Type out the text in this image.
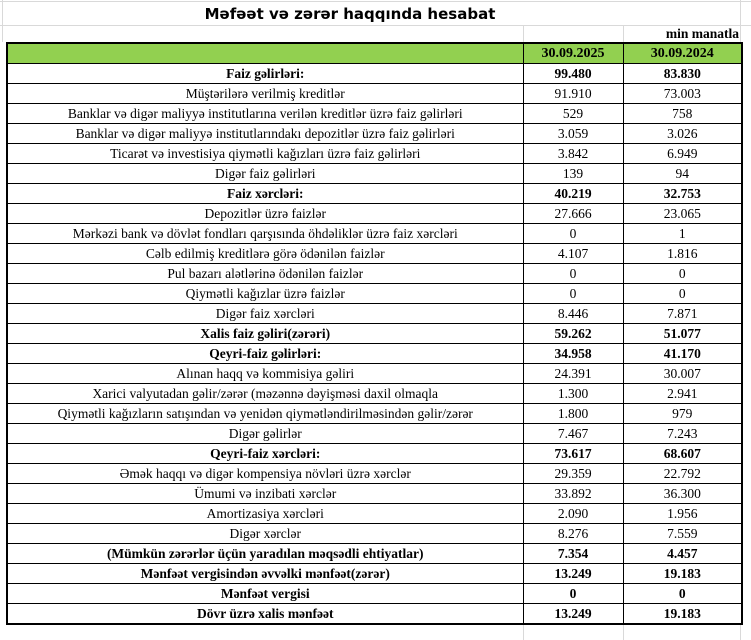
Məfəət və zərər haqqında hesabat
min manatla
	30.09.2025	30.09.2024
Faiz gəlirləri:	99.480	83.830
Müştərilərə verilmiş kreditlər	91.910	73.003
Banklar və digər maliyyə institutlarına verilən kreditlər üzrə faiz gəlirləri	529	758
Banklar və digər maliyyə institutlarındakı depozitlər üzrə faiz gəlirləri	3.059	3.026
Ticarət və investisiya qiymətli kağızları üzrə faiz gəlirləri	3.842	6.949
Digər faiz gəlirləri	139	94
Faiz xərcləri:	40.219	32.753
Depozitlər üzrə faizlər	27.666	23.065
Mərkəzi bank və dövlət fondları qarşısında öhdəliklər üzrə faiz xərcləri	0	1
Cəlb edilmiş kreditlərə görə ödənilən faizlər	4.107	1.816
Pul bazarı alətlərinə ödənilən faizlər	0	0
Qiymətli kağızlar üzrə faizlər	0	0
Digər faiz xərcləri	8.446	7.871
Xalis faiz gəliri(zərəri)	59.262	51.077
Qeyri-faiz gəlirləri:	34.958	41.170
Alınan haqq və kommisiya gəliri	24.391	30.007
Xarici valyutadan gəlir/zərər (məzənnə dəyişməsi daxil olmaqla	1.300	2.941
Qiymətli kağızların satışından və yenidən qiymətləndirilməsindən gəlir/zərər	1.800	979
Digər gəlirlər	7.467	7.243
Qeyri-faiz xərcləri:	73.617	68.607
Əmək haqqı və digər kompensiya növləri üzrə xərclər	29.359	22.792
Ümumi və inzibati xərclər	33.892	36.300
Amortizasiya xərcləri	2.090	1.956
Digər xərclər	8.276	7.559
(Mümkün zərərlər üçün yaradılan məqsədli ehtiyatlar)	7.354	4.457
Mənfəət vergisindən əvvəlki mənfəət(zərər)	13.249	19.183
Mənfəət vergisi	0	0
Dövr üzrə xalis mənfəət	13.249	19.183
